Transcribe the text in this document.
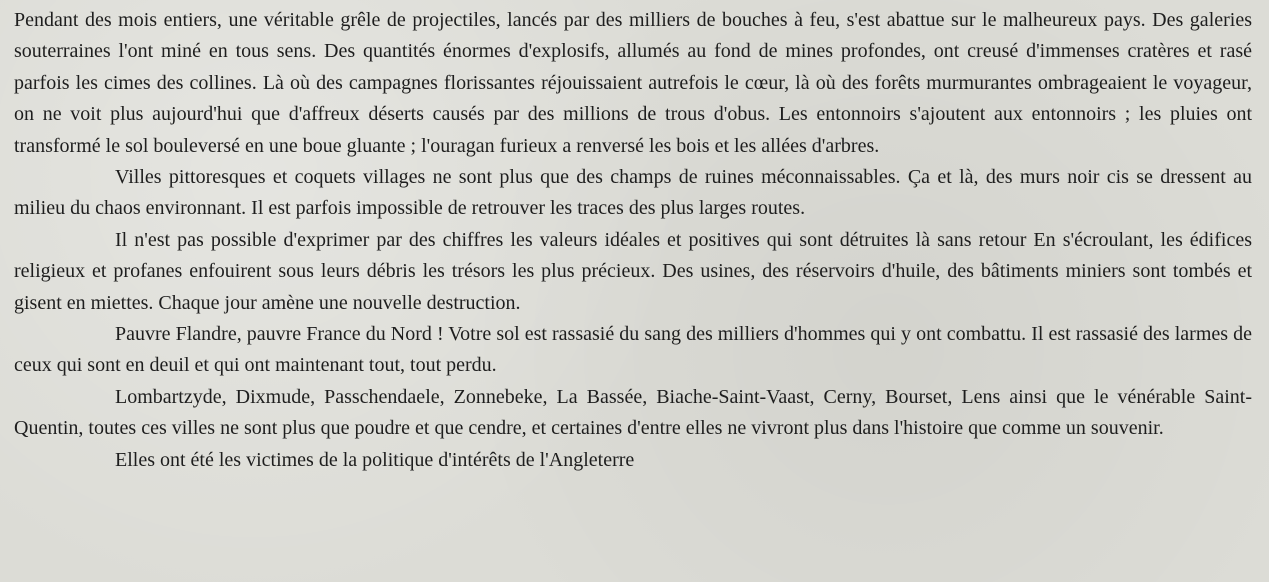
Pendant des mois entiers, une véritable grêle de projectiles, lancés par des milliers de bouches à feu, s'est abattue sur le malheureux pays. Des galeries souterraines l'ont miné en tous sens. Des quantités énormes d'explosifs, allumés au fond de mines profondes, ont creusé d'immenses cratères et rasé parfois les cimes des collines. Là où des campagnes florissantes réjouissaient autrefois le cœur, là où des forêts murmurantes ombrageaient le voyageur, on ne voit plus aujourd'hui que d'affreux déserts causés par des millions de trous d'obus. Les entonnoirs s'ajoutent aux entonnoirs ; les pluies ont transformé le sol bouleversé en une boue gluante ; l'ouragan furieux a renversé les bois et les allées d'arbres.

Villes pittoresques et coquets villages ne sont plus que des champs de ruines méconnaissables. Ça et là, des murs noir cis se dressent au milieu du chaos environnant. Il est parfois impossible de retrouver les traces des plus larges routes.

Il n'est pas possible d'exprimer par des chiffres les valeurs idéales et positives qui sont détruites là sans retour En s'écroulant, les édifices religieux et profanes enfouirent sous leurs débris les trésors les plus précieux. Des usines, des réservoirs d'huile, des bâtiments miniers sont tombés et gisent en miettes. Chaque jour amène une nouvelle destruction.

Pauvre Flandre, pauvre France du Nord ! Votre sol est rassasié du sang des milliers d'hommes qui y ont combattu. Il est rassasié des larmes de ceux qui sont en deuil et qui ont maintenant tout, tout perdu.

Lombartzyde, Dixmude, Passchendaele, Zonnebeke, La Bassée, Biache-Saint-Vaast, Cerny, Bourset, Lens ainsi que le vénérable Saint-Quentin, toutes ces villes ne sont plus que poudre et que cendre, et certaines d'entre elles ne vivront plus dans l'histoire que comme un souvenir.

Elles ont été les victimes de la politique d'intérêts de l'Angleterre
